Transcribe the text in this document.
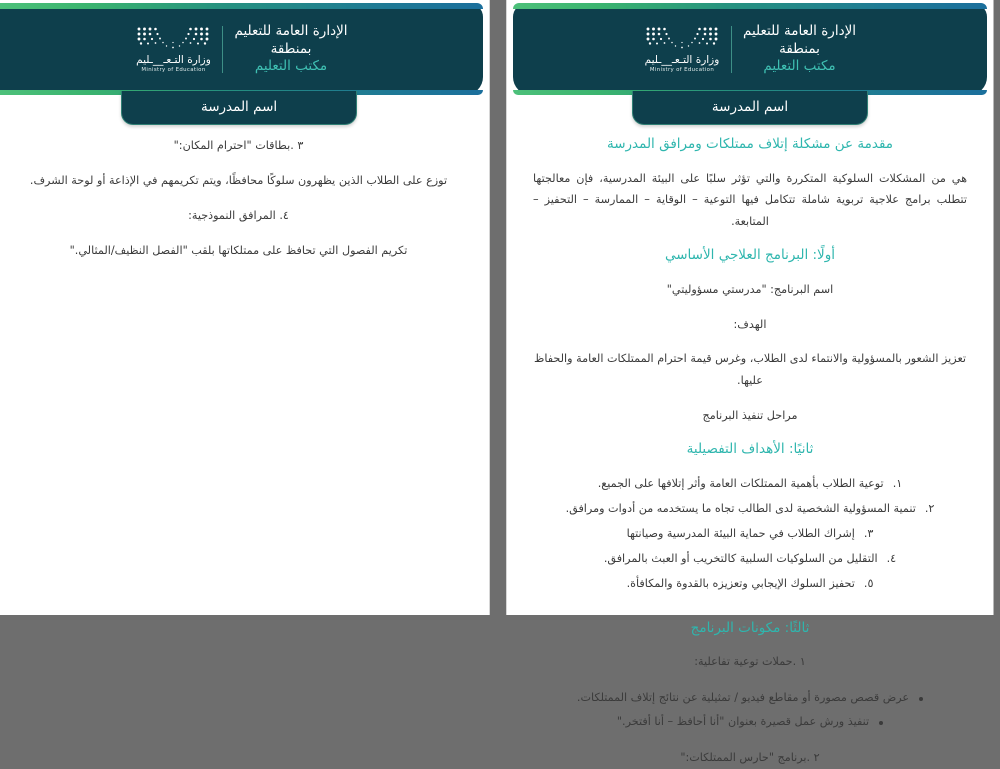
الإدارة العامة للتعليم
بمنطقة
مكتب التعليم
وزارة التـعـ__ـليم
Ministry of Education
اسم المدرسة
مقدمة عن مشكلة إتلاف ممتلكات ومرافق المدرسة
هي من المشكلات السلوكية المتكررة والتي تؤثر سلبًا على البيئة المدرسية، فإن معالجتها تتطلب برامج علاجية تربوية شاملة تتكامل فيها التوعية – الوقاية – الممارسة – التحفيز – المتابعة.
أولًا: البرنامج العلاجي الأساسي
اسم البرنامج: "مدرستي مسؤوليتي"
الهدف:
تعزيز الشعور بالمسؤولية والانتماء لدى الطلاب، وغرس قيمة احترام الممتلكات العامة والحفاظ عليها.
مراحل تنفيذ البرنامج
ثانيًا: الأهداف التفصيلية
١.
توعية الطلاب بأهمية الممتلكات العامة وأثر إتلافها على الجميع.
٢.
تنمية المسؤولية الشخصية لدى الطالب تجاه ما يستخدمه من أدوات ومرافق.
٣.
إشراك الطلاب في حماية البيئة المدرسية وصيانتها
٤.
التقليل من السلوكيات السلبية كالتخريب أو العبث بالمرافق.
٥.
تحفيز السلوك الإيجابي وتعزيزه بالقدوة والمكافأة.
ثالثًا: مكونات البرنامج
١ .حملات توعية تفاعلية:
عرض قصص مصورة أو مقاطع فيديو / تمثيلية عن نتائج إتلاف الممتلكات.
تنفيذ ورش عمل قصيرة بعنوان "أنا أحافظ – أنا أفتخر."
٢ .برنامج "حارس الممتلكات:"
الإدارة العامة للتعليم
بمنطقة
مكتب التعليم
وزارة التـعـ__ـليم
Ministry of Education
اسم المدرسة
٣ .بطاقات "احترام المكان:"
توزع على الطلاب الذين يظهرون سلوكًا محافظًا، ويتم تكريمهم في الإذاعة أو لوحة الشرف.
٤. المرافق النموذجية:
تكريم الفصول التي تحافظ على ممتلكاتها بلقب "الفصل النظيف/المثالي."
